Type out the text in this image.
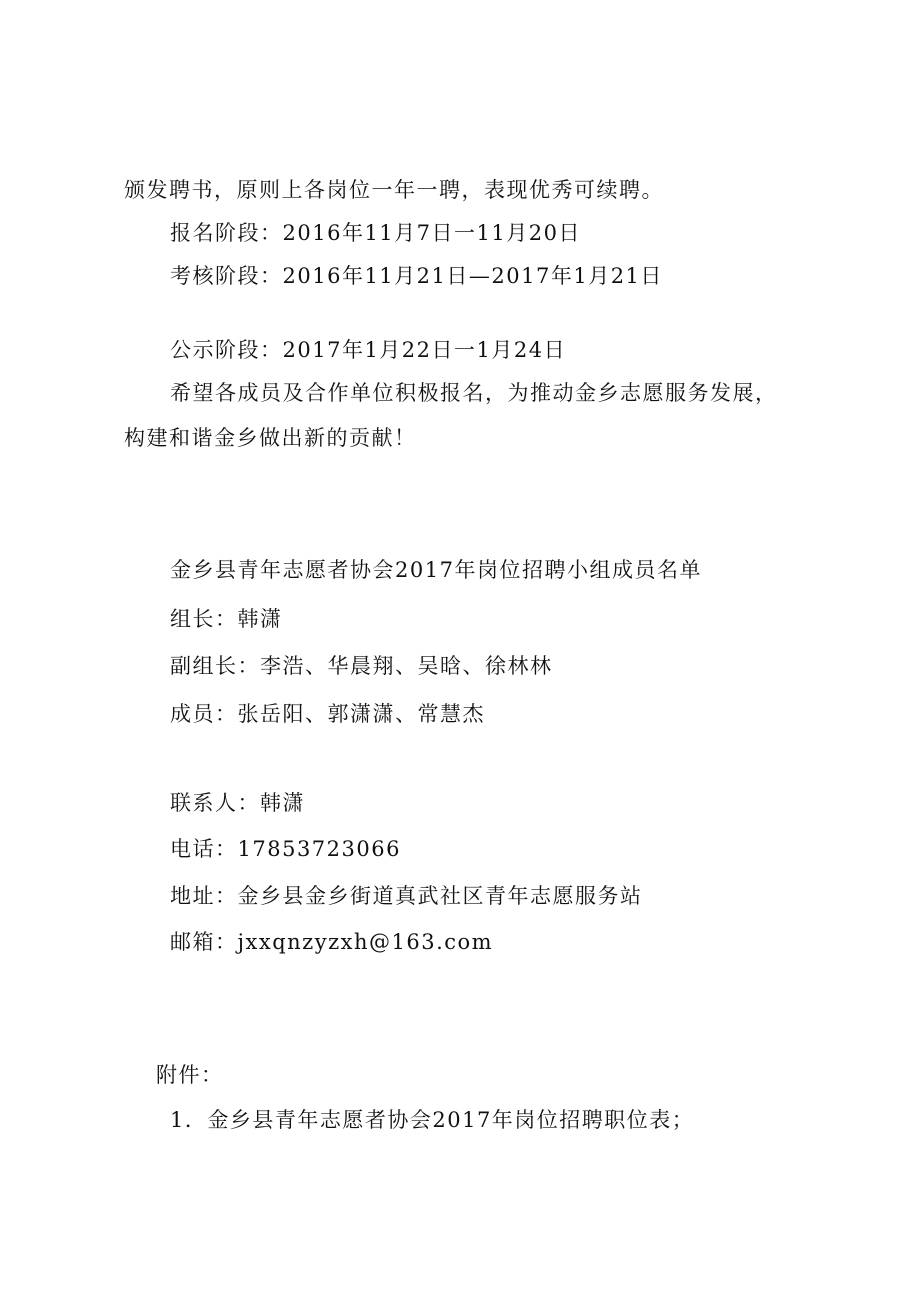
颁发聘书，原则上各岗位一年一聘，表现优秀可续聘。
报名阶段：2016年11月7日一11月20日
考核阶段：2016年11月21日—2017年1月21日
公示阶段：2017年1月22日一1月24日
希望各成员及合作单位积极报名，为推动金乡志愿服务发展，
构建和谐金乡做出新的贡献！
金乡县青年志愿者协会2017年岗位招聘小组成员名单
组长：韩潇
副组长：李浩、华晨翔、吴晗、徐林林
成员：张岳阳、郭潇潇、常慧杰
联系人：韩潇
电话：17853723066
地址：金乡县金乡街道真武社区青年志愿服务站
邮箱：jxxqnzyzxh@163.com
附件：
1．金乡县青年志愿者协会2017年岗位招聘职位表；
